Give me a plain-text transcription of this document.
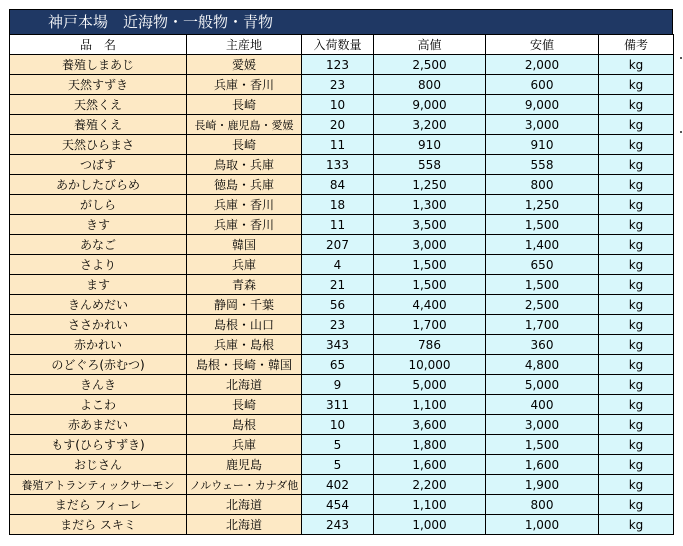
神戸本場　近海物・一般物・青物
品　名	主産地	入荷数量	高値	安値	備考
養殖しまあじ	愛媛	123	2,500	2,000	kg
天然すずき	兵庫・香川	23	800	600	kg
天然くえ	長崎	10	9,000	9,000	kg
養殖くえ	長崎・鹿児島・愛媛	20	3,200	3,000	kg
天然ひらまさ	長崎	11	910	910	kg
つばす	鳥取・兵庫	133	558	558	kg
あかしたびらめ	徳島・兵庫	84	1,250	800	kg
がしら	兵庫・香川	18	1,300	1,250	kg
きす	兵庫・香川	11	3,500	1,500	kg
あなご	韓国	207	3,000	1,400	kg
さより	兵庫	4	1,500	650	kg
ます	青森	21	1,500	1,500	kg
きんめだい	静岡・千葉	56	4,400	2,500	kg
ささかれい	島根・山口	23	1,700	1,700	kg
赤かれい	兵庫・島根	343	786	360	kg
のどぐろ(赤むつ)	島根・長崎・韓国	65	10,000	4,800	kg
きんき	北海道	9	5,000	5,000	kg
よこわ	長崎	311	1,100	400	kg
赤あまだい	島根	10	3,600	3,000	kg
もす(ひらすずき)	兵庫	5	1,800	1,500	kg
おじさん	鹿児島	5	1,600	1,600	kg
養殖アトランティックサーモン	ノルウェー・カナダ他	402	2,200	1,900	kg
まだら フィーレ	北海道	454	1,100	800	kg
まだら スキミ	北海道	243	1,000	1,000	kg
